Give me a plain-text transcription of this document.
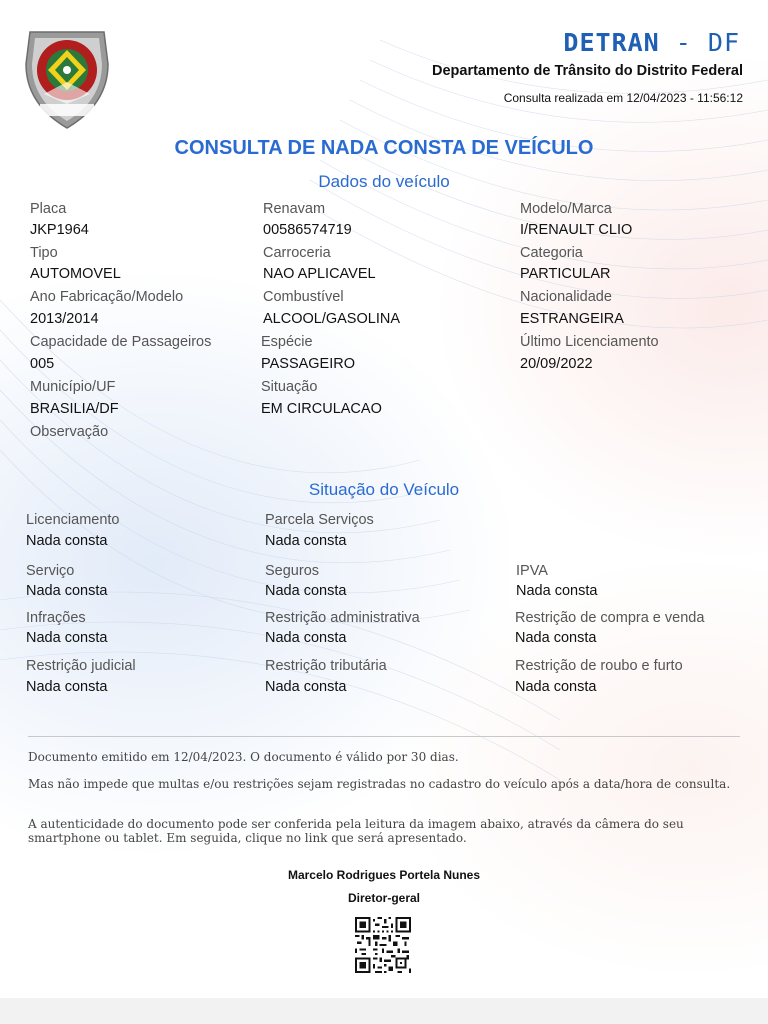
DETRAN - DF
Departamento de Trânsito do Distrito Federal
Consulta realizada em 12/04/2023 - 11:56:12
CONSULTA DE NADA CONSTA DE VEÍCULO
Dados do veículo
Placa
JKP1964
Renavam
00586574719
Modelo/Marca
I/RENAULT CLIO
Tipo
AUTOMOVEL
Carroceria
NAO APLICAVEL
Categoria
PARTICULAR
Ano Fabricação/Modelo
2013/2014
Combustível
ALCOOL/GASOLINA
Nacionalidade
ESTRANGEIRA
Capacidade de Passageiros
005
Espécie
PASSAGEIRO
Último Licenciamento
20/09/2022
Município/UF
BRASILIA/DF
Situação
EM CIRCULACAO
Observação
Situação do Veículo
Licenciamento
Nada consta
Parcela Serviços
Nada consta
Serviço
Nada consta
Seguros
Nada consta
IPVA
Nada consta
Infrações
Nada consta
Restrição administrativa
Nada consta
Restrição de compra e venda
Nada consta
Restrição judicial
Nada consta
Restrição tributária
Nada consta
Restrição de roubo e furto
Nada consta
Documento emitido em 12/04/2023. O documento é válido por 30 dias.
Mas não impede que multas e/ou restrições sejam registradas no cadastro do veículo após a data/hora de consulta.
A autenticidade do documento pode ser conferida pela leitura da imagem abaixo, através da câmera do seu smartphone ou tablet. Em seguida, clique no link que será apresentado.
Marcelo Rodrigues Portela Nunes
Diretor-geral
